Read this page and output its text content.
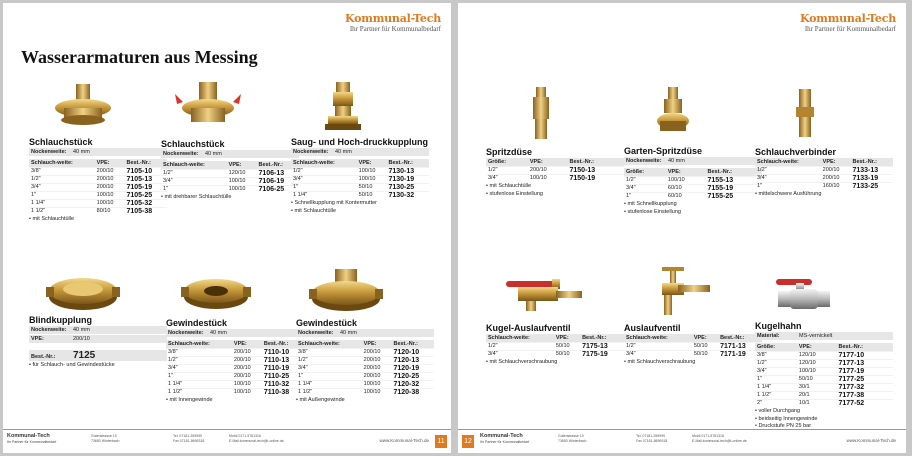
Kommunal-Tech
Ihr Partner für Kommunalbedarf
Wasserarmaturen aus Messing
Schlauchstück
Nockenweite: 40 mm
Schlauch-weite:	VPE:	Best.-Nr.:
3/8"	200/10	7105-10
1/2"	200/10	7105-13
3/4"	200/10	7105-19
1"	100/10	7105-25
1 1/4"	100/10	7105-32
1 1/2"	80/10	7105-38
• mit Schlauchtülle
Schlauchstück
Nockenweite: 40 mm
Schlauch-weite:	VPE:	Best.-Nr.:
1/2"	120/10	7106-13
3/4"	100/10	7106-19
1"	100/10	7106-25
• mit drehbarer Schlauchtülle
Saug- und Hoch-druckkupplung
Nockenweite: 40 mm
Schlauch-weite:	VPE:	Best.-Nr.:
1/2"	100/10	7130-13
3/4"	100/10	7130-19
1"	50/10	7130-25
1 1/4"	50/10	7130-32
• Schnellkupplung mit Kontermutter
• mit Schlauchtülle
Blindkupplung
Nockenweite: 40 mm
VPE:	200/10
Best.-Nr.: 7125
• für Schlauch- und Gewindestücke
Gewindestück
Nockenweite: 40 mm
Schlauch-weite:	VPE:	Best.-Nr.:
3/8"	200/10	7110-10
1/2"	200/10	7110-13
3/4"	200/10	7110-19
1"	200/10	7110-25
1 1/4"	100/10	7110-32
1 1/2"	100/10	7110-38
• mit Innengewinde
Gewindestück
Nockenweite: 40 mm
Schlauch-weite:	VPE:	Best.-Nr.:
3/8"	200/10	7120-10
1/2"	200/10	7120-13
3/4"	200/10	7120-19
1"	200/10	7120-25
1 1/4"	100/10	7120-32
1 1/2"	100/10	7120-38
• mit Außengewinde
Kommunal-Tech
Ihr Partner für Kommunalbedarf
Gutenstrasse 19
73650 Winterbach
Tel. 07181-259999
Fax 07181-8699318
Mobil 0171-9781316
E-Mail:kommunal-tech@t-online.de	www.Kommunal-Tech.de	11
Kommunal-Tech
Ihr Partner für Kommunalbedarf
Spritzdüse
Größe:	VPE:	Best.-Nr.:
1/2"	200/10	7150-13
3/4"	100/10	7150-19
• mit Schlauchtülle
• stufenlose Einstellung
Garten-Spritzdüse
Nockenweite: 40 mm
Größe:	VPE:	Best.-Nr.:
1/2"	100/10	7155-13
3/4"	60/10	7155-19
1"	60/10	7155-25
• mit Schnellkupplung
• stufenlose Einstellung
Schlauchverbinder
Schlauch-weite:	VPE:	Best.-Nr.:
1/2"	200/10	7133-13
3/4"	200/10	7133-19
1"	160/10	7133-25
• mittelschwere Ausführung
Kugel-Auslaufventil
Schlauch-weite:	VPE:	Best.-Nr.:
1/2"	50/10	7175-13
3/4"	50/10	7175-19
• mit Schlauchverschraubung
Auslaufventil
Schlauch-weite:	VPE:	Best.-Nr.:
1/2"	50/10	7171-13
3/4"	50/10	7171-19
• mit Schlauchverschraubung
Kugelhahn
Material:	MS-vernickelt
Größe:	VPE:	Best.-Nr.:
3/8"	120/10	7177-10
1/2"	120/10	7177-13
3/4"	100/10	7177-19
1"	50/10	7177-25
1 1/4"	30/1	7177-32
1 1/2"	20/1	7177-38
2"	10/1	7177-52
• voller Durchgang
• beidseitig Innengewinde
• Druckstufe PN 25 bar
12
Kommunal-Tech
Ihr Partner für Kommunalbedarf
Gutenstrasse 19
73650 Winterbach
Tel. 07181-259999
Fax 07181-8699318
Mobil 0171-9781316
E-Mail:kommunal-tech@t-online.de	www.Kommunal-Tech.de
